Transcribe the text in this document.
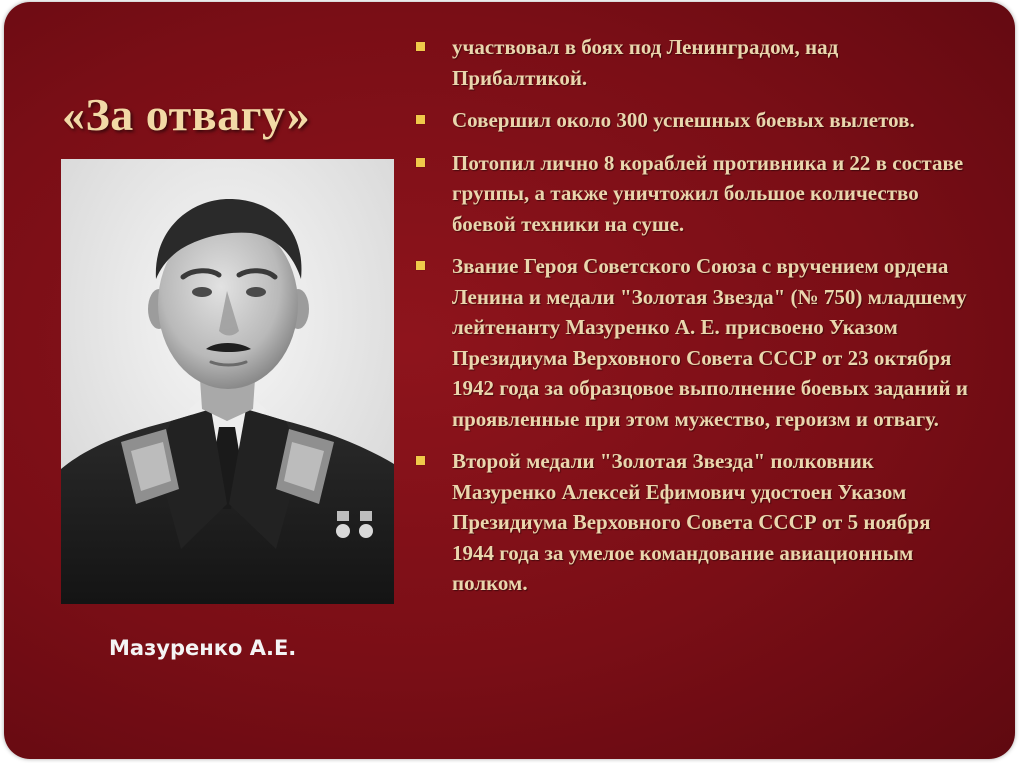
«За отвагу»
Мазуренко А.Е.
участвовал в боях под Ленинградом, над Прибалтикой.
Совершил около 300 успешных боевых вылетов.
Потопил лично 8 кораблей противника и 22 в составе группы, а также уничтожил большое количество боевой техники на суше.
Звание Героя Советского Союза с вручением ордена Ленина и медали "Золотая Звезда" (№ 750) младшему лейтенанту Мазуренко А. Е. присвоено Указом Президиума Верховного Совета СССР от 23 октября 1942 года за образцовое выполнение боевых заданий и проявленные при этом мужество, героизм и отвагу.
Второй медали "Золотая Звезда" полковник Мазуренко Алексей Ефимович удостоен Указом Президиума Верховного Совета СССР от 5 ноября 1944 года за умелое командование авиационным полком.
